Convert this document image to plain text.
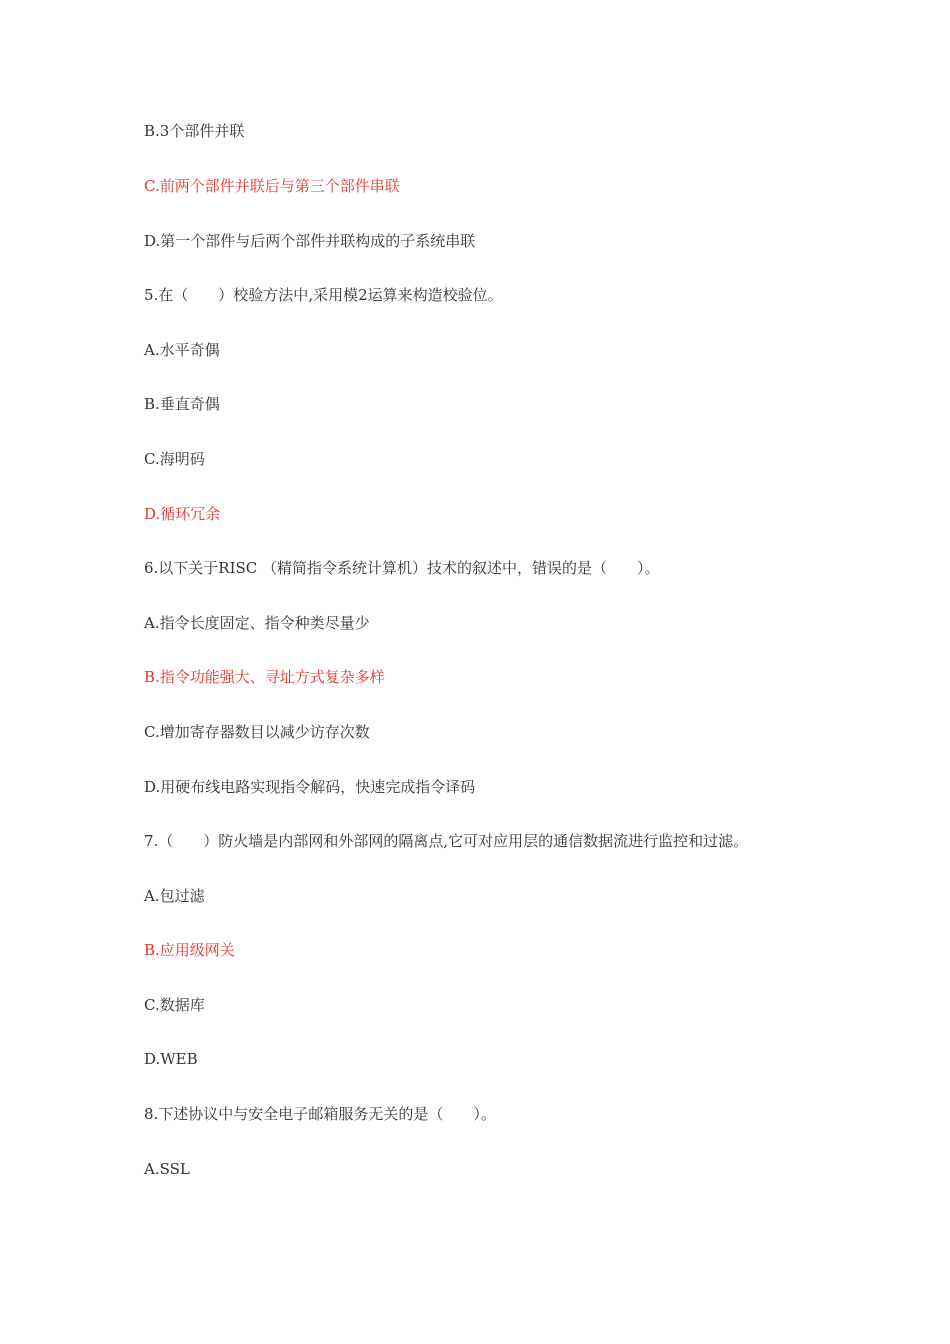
B.3个部件并联
C.前两个部件并联后与第三个部件串联
D.第一个部件与后两个部件并联构成的子系统串联
5.在（　　）校验方法中,采用模2运算来构造校验位。
A.水平奇偶
B.垂直奇偶
C.海明码
D.循环冗余
6.以下关于RISC （精简指令系统计算机）技术的叙述中，错误的是（　　）。
A.指令长度固定、指令种类尽量少
B.指令功能强大、寻址方式复杂多样
C.增加寄存器数目以减少访存次数
D.用硬布线电路实现指令解码，快速完成指令译码
7.（　　）防火墙是内部网和外部网的隔离点,它可对应用层的通信数据流进行监控和过滤。
A.包过滤
B.应用级网关
C.数据库
D.WEB
8.下述协议中与安全电子邮箱服务无关的是（　　）。
A.SSL
